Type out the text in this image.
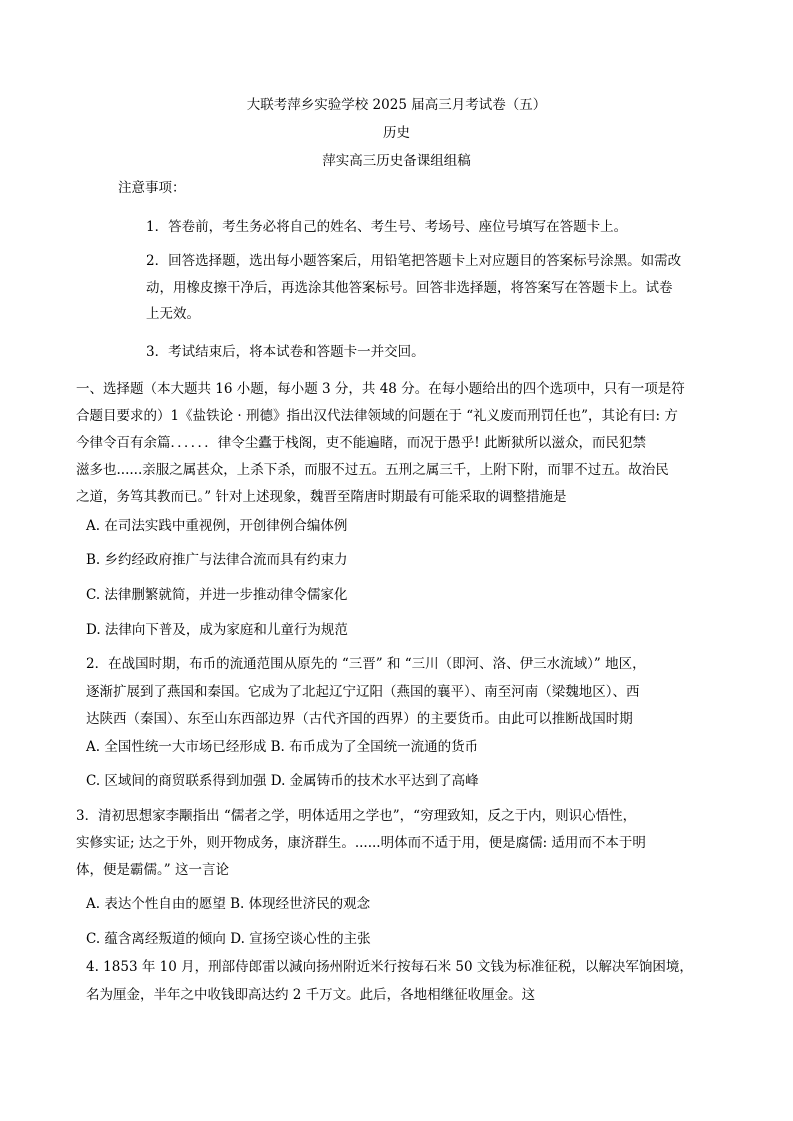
大联考萍乡实验学校 2025 届高三月考试卷（五）
历史
萍实高三历史备课组组稿
注意事项：
1．答卷前，考生务必将自己的姓名、考生号、考场号、座位号填写在答题卡上。
2．回答选择题，选出每小题答案后，用铅笔把答题卡上对应题目的答案标号涂黑。如需改
动，用橡皮擦干净后，再选涂其他答案标号。回答非选择题，将答案写在答题卡上。试卷
上无效。
3．考试结束后，将本试卷和答题卡一并交回。
一、选择题（本大题共 16 小题，每小题 3 分，共 48 分。在每小题给出的四个选项中，只有一项是符
合题目要求的）1《盐铁论 · 刑德》指出汉代法律领域的问题在于 “礼义废而刑罚任也”，其论有曰: 方
今律令百有余篇．．．．．．律令尘蠹于栈阁，吏不能遍睹，而况于愚乎! 此断狱所以滋众，而民犯禁
滋多也......亲服之属甚众，上杀下杀，而服不过五。五刑之属三千，上附下附，而罪不过五。故治民
之道，务笃其教而已。” 针对上述现象，魏晋至隋唐时期最有可能采取的调整措施是
A. 在司法实践中重视例，开创律例合编体例
B. 乡约经政府推广与法律合流而具有约束力
C. 法律删繁就简，并进一步推动律令儒家化
D. 法律向下普及，成为家庭和儿童行为规范
2．在战国时期，布币的流通范围从原先的 “三晋” 和 “三川（即河、洛、伊三水流域）” 地区，
逐渐扩展到了燕国和秦国。它成为了北起辽宁辽阳（燕国的襄平）、南至河南（梁魏地区）、西
达陕西（秦国）、东至山东西部边界（古代齐国的西界）的主要货币。由此可以推断战国时期
A. 全国性统一大市场已经形成 B. 布币成为了全国统一流通的货币
C. 区域间的商贸联系得到加强 D. 金属铸币的技术水平达到了高峰
3．清初思想家李颙指出 “儒者之学，明体适用之学也”，“穷理致知，反之于内，则识心悟性，
实修实证; 达之于外，则开物成务，康济群生。......明体而不适于用，便是腐儒: 适用而不本于明
体，便是霸儒。” 这一言论
A. 表达个性自由的愿望 B. 体现经世济民的观念
C. 蕴含离经叛道的倾向 D. 宣扬空谈心性的主张
4. 1853 年 10 月，刑部侍郎雷以減向扬州附近米行按每石米 50 文钱为标准征税，以解决军饷困境，
名为厘金，半年之中收钱即高达约 2 千万文。此后，各地相继征收厘金。这
